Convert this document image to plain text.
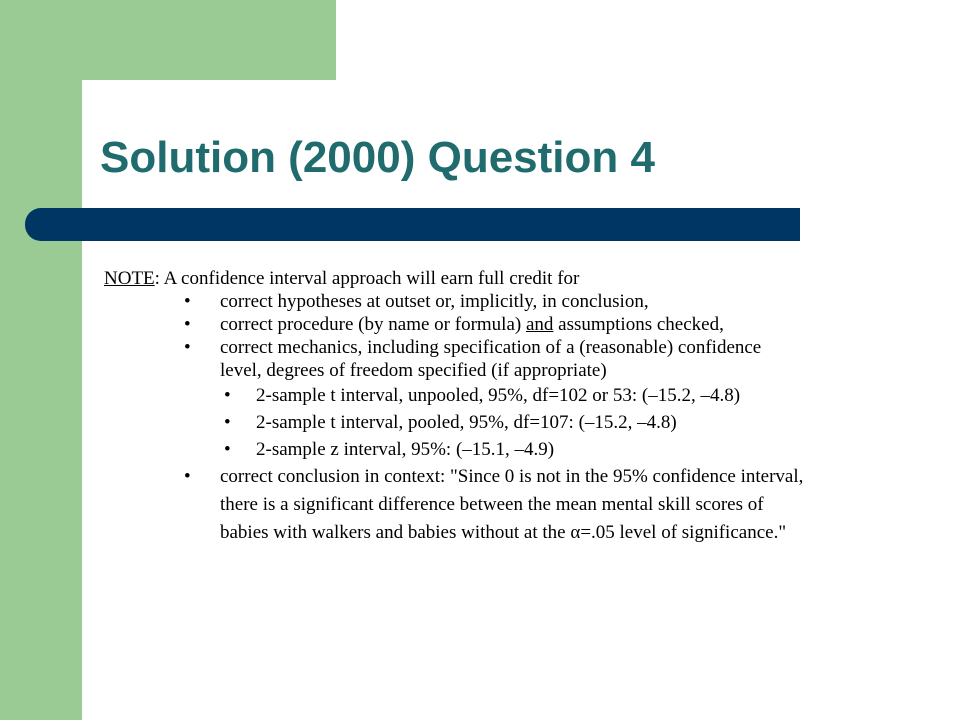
Solution (2000) Question 4
NOTE: A confidence interval approach will earn full credit for
• correct hypotheses at outset or, implicitly, in conclusion,
• correct procedure (by name or formula) and assumptions checked,
• correct mechanics, including specification of a (reasonable) confidence
level, degrees of freedom specified (if appropriate)
• 2-sample t interval, unpooled, 95%, df=102 or 53: (–15.2, –4.8)
• 2-sample t interval, pooled, 95%, df=107: (–15.2, –4.8)
• 2-sample z interval, 95%: (–15.1, –4.9)
• correct conclusion in context: "Since 0 is not in the 95% confidence interval,
there is a significant difference between the mean mental skill scores of
babies with walkers and babies without at the α=.05 level of significance."
